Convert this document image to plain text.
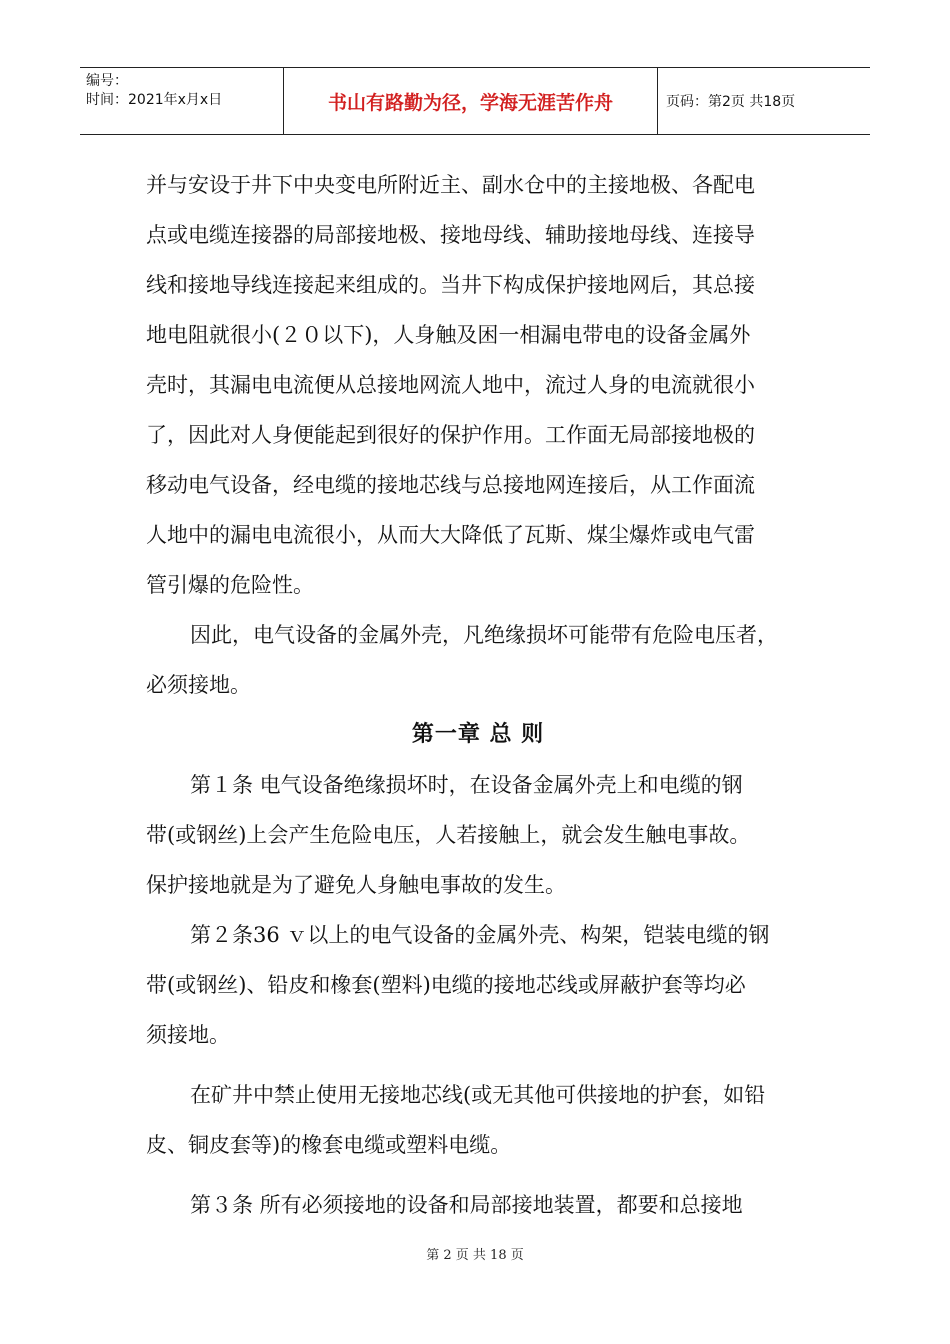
编号：
时间：2021年x月x日	书山有路勤为径，学海无涯苦作舟	页码：第2页 共18页
并与安设于井下中央变电所附近主、副水仓中的主接地极、各配电
点或电缆连接器的局部接地极、接地母线、辅助接地母线、连接导
线和接地导线连接起来组成的。当井下构成保护接地网后，其总接
地电阻就很小(２０以下)，人身触及困一相漏电带电的设备金属外
壳时，其漏电电流便从总接地网流人地中，流过人身的电流就很小
了，因此对人身便能起到很好的保护作用。工作面无局部接地极的
移动电气设备，经电缆的接地芯线与总接地网连接后，从工作面流
人地中的漏电电流很小，从而大大降低了瓦斯、煤尘爆炸或电气雷
管引爆的危险性。
因此，电气设备的金属外壳，凡绝缘损坏可能带有危险电压者，
必须接地。
第一章 总 则
第１条 电气设备绝缘损坏时，在设备金属外壳上和电缆的钢
带(或钢丝)上会产生危险电压，人若接触上，就会发生触电事故。
保护接地就是为了避免人身触电事故的发生。
第２条36 ｖ以上的电气设备的金属外壳、构架，铠装电缆的钢
带(或钢丝)、铅皮和橡套(塑料)电缆的接地芯线或屏蔽护套等均必
须接地。
在矿井中禁止使用无接地芯线(或无其他可供接地的护套，如铅
皮、铜皮套等)的橡套电缆或塑料电缆。
第３条 所有必须接地的设备和局部接地装置，都要和总接地
第 2 页 共 18 页
